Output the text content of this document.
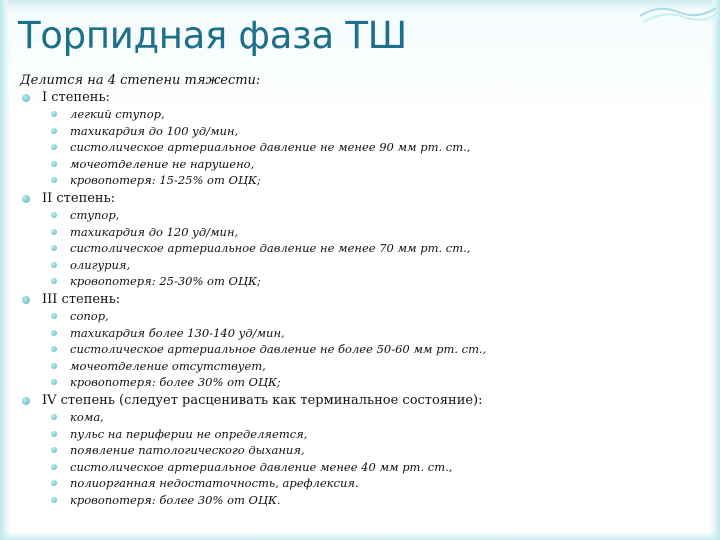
Торпидная фаза ТШ
Делится на 4 степени тяжести:
I степень:
легкий ступор,
тахикардия до 100 уд/мин,
систолическое артериальное давление не менее 90 мм рт. ст.,
мочеотделение не нарушено,
кровопотеря: 15-25% от ОЦК;
II степень:
ступор,
тахикардия до 120 уд/мин,
систолическое артериальное давление не менее 70 мм рт. ст.,
олигурия,
кровопотеря: 25-30% от ОЦК;
III степень:
сопор,
тахикардия более 130-140 уд/мин,
систолическое артериальное давление не более 50-60 мм рт. ст.,
мочеотделение отсутствует,
кровопотеря: более 30% от ОЦК;
IV степень (следует расценивать как терминальное состояние):
кома,
пульс на периферии не определяется,
появление патологического дыхания,
систолическое артериальное давление менее 40 мм рт. ст.,
полиорганная недостаточность, арефлексия.
кровопотеря: более 30% от ОЦК.
